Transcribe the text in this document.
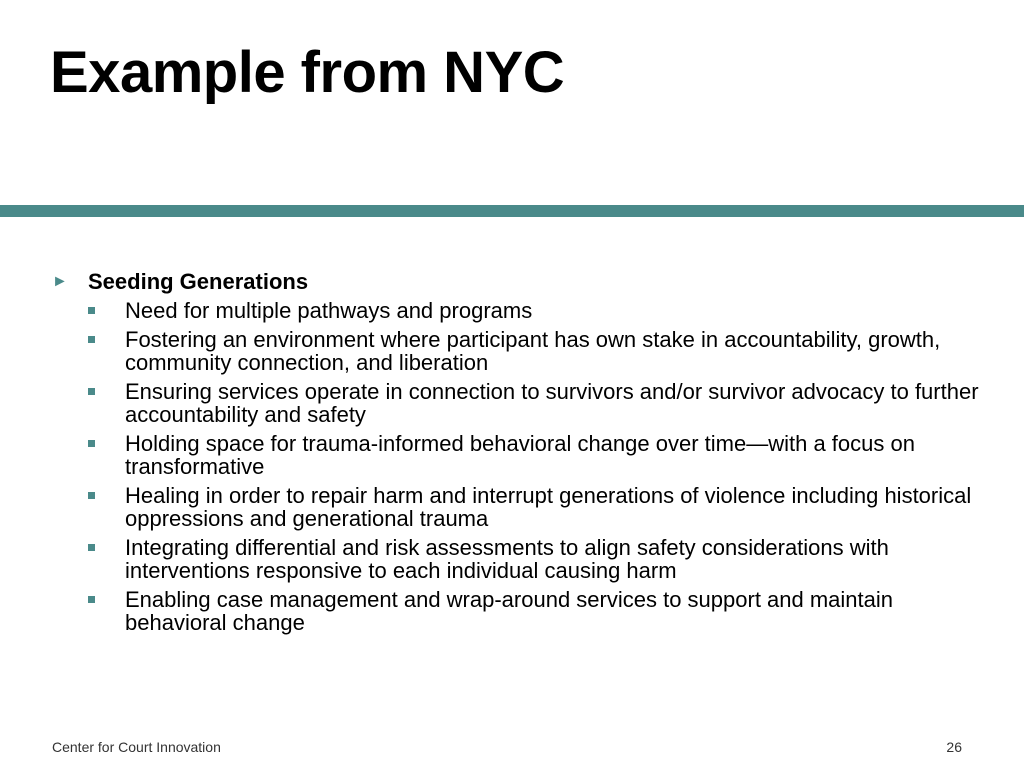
Example from NYC
► Seeding Generations
Need for multiple pathways and programs
Fostering an environment where participant has own stake in accountability, growth, community connection, and liberation
Ensuring services operate in connection to survivors and/or survivor advocacy to further accountability and safety
Holding space for trauma-informed behavioral change over time—with a focus on transformative
Healing in order to repair harm and interrupt generations of violence including historical oppressions and generational trauma
Integrating differential and risk assessments to align safety considerations with interventions responsive to each individual causing harm
Enabling case management and wrap-around services to support and maintain behavioral change
Center for Court Innovation	26
